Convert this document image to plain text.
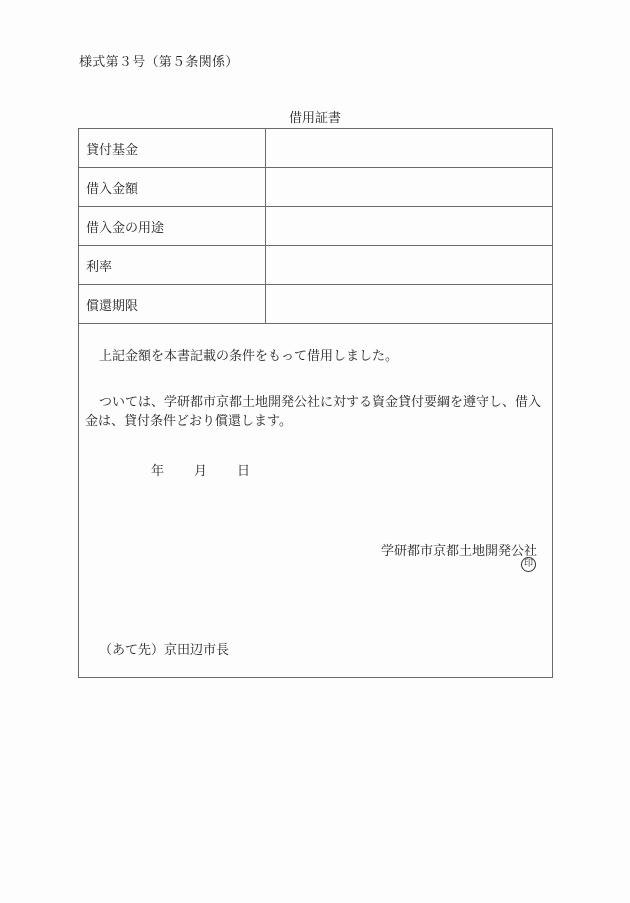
様式第３号（第５条関係）
借用証書
貸付基金	
借入金額	
借入金の用途	
利率	
償還期限	
上記金額を本書記載の条件をもって借用しました。
ついては、学研都市京都土地開発公社に対する資金貸付要綱を遵守し、借入金は、貸付条件どおり償還します。
年 月 日
学研都市京都土地開発公社
印
（あて先）京田辺市長
